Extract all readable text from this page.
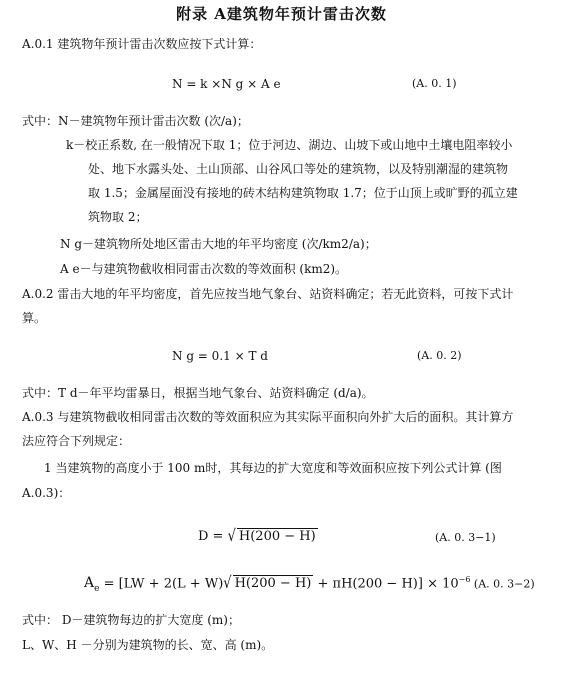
附录 A建筑物年预计雷击次数
A.0.1 建筑物年预计雷击次数应按下式计算：
N = k ×N g × A e	(A. 0. 1)
式中：N－建筑物年预计雷击次数 (次/a)；
k－校正系数, 在一般情况下取 1；位于河边、湖边、山坡下或山地中土壤电阻率较小
处、地下水露头处、土山顶部、山谷风口等处的建筑物，以及特别潮湿的建筑物
取 1.5；金属屋面没有接地的砖木结构建筑物取 1.7；位于山顶上或旷野的孤立建
筑物取 2；
N g－建筑物所处地区雷击大地的年平均密度 (次/km2/a)；
A e－与建筑物截收相同雷击次数的等效面积 (km2)。
A.0.2 雷击大地的年平均密度，首先应按当地气象台、站资料确定；若无此资料，可按下式计
算。
N g = 0.1 × T d	(A. 0. 2)
式中：T d－年平均雷暴日，根据当地气象台、站资料确定 (d/a)。
A.0.3 与建筑物截收相同雷击次数的等效面积应为其实际平面积向外扩大后的面积。其计算方
法应符合下列规定：
1 当建筑物的高度小于 100 m时，其每边的扩大宽度和等效面积应按下列公式计算 (图
A.0.3)：
D = √ H(200 − H)	(A. 0. 3−1)
$A_e = [LW + 2(L + W)√$ $H(200 - H) + \pi H(200 - H)] \times 10^{-6}$ (A. 0. 3−2)
式中： D－建筑物每边的扩大宽度 (m)；
L、W、H －分别为建筑物的长、宽、高 (m)。
